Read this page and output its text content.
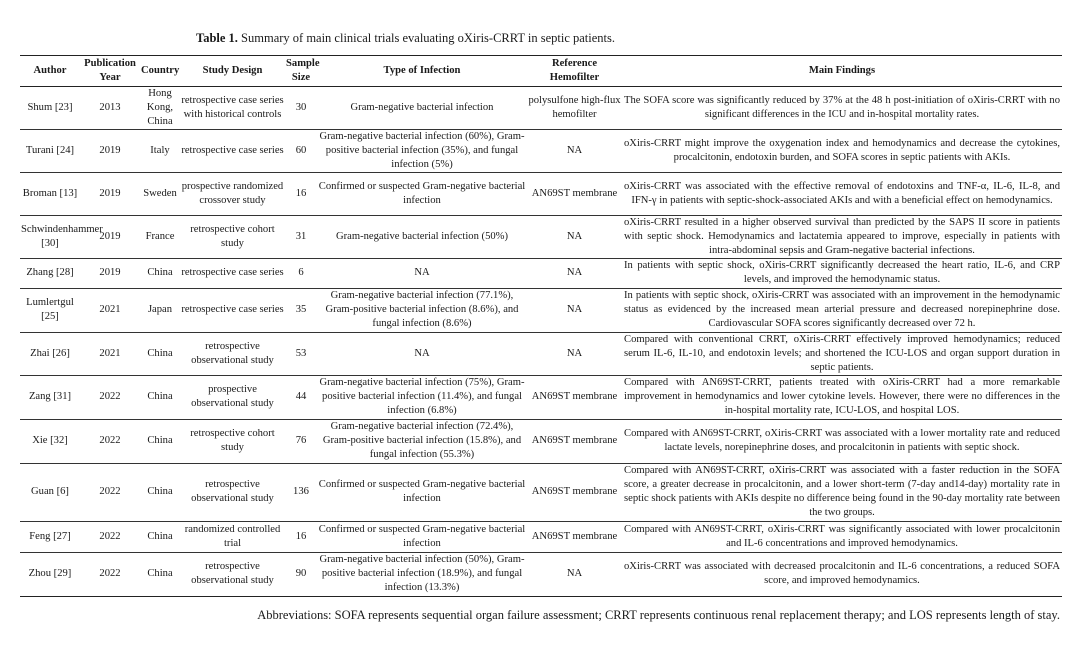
Table 1. Summary of main clinical trials evaluating oXiris-CRRT in septic patients.
Author	Publication Year	Country	Study Design	Sample Size	Type of Infection	Reference Hemofilter	Main Findings
Shum [23]	2013	Hong Kong, China	retrospective case series with historical controls	30	Gram-negative bacterial infection	polysulfone high-flux hemofilter	The SOFA score was significantly reduced by 37% at the 48 h post-initiation of oXiris-CRRT with no significant differences in the ICU and in-hospital mortality rates.
Turani [24]	2019	Italy	retrospective case series	60	Gram-negative bacterial infection (60%), Gram-positive bacterial infection (35%), and fungal infection (5%)	NA	oXiris-CRRT might improve the oxygenation index and hemodynamics and decrease the cytokines, procalcitonin, endotoxin burden, and SOFA scores in septic patients with AKIs.
Broman [13]	2019	Sweden	prospective randomized crossover study	16	Confirmed or suspected Gram-negative bacterial infection	AN69ST membrane	oXiris-CRRT was associated with the effective removal of endotoxins and TNF-α, IL-6, IL-8, and IFN-γ in patients with septic-shock-associated AKIs and with a beneficial effect on hemodynamics.
Schwindenhammer [30]	2019	France	retrospective cohort study	31	Gram-negative bacterial infection (50%)	NA	oXiris-CRRT resulted in a higher observed survival than predicted by the SAPS II score in patients with septic shock. Hemodynamics and lactatemia appeared to improve, especially in patients with intra-abdominal sepsis and Gram-negative bacterial infections.
Zhang [28]	2019	China	retrospective case series	6	NA	NA	In patients with septic shock, oXiris-CRRT significantly decreased the heart ratio, IL-6, and CRP levels, and improved the hemodynamic status.
Lumlertgul [25]	2021	Japan	retrospective case series	35	Gram-negative bacterial infection (77.1%), Gram-positive bacterial infection (8.6%), and fungal infection (8.6%)	NA	In patients with septic shock, oXiris-CRRT was associated with an improvement in the hemodynamic status as evidenced by the increased mean arterial pressure and decreased norepinephrine dose. Cardiovascular SOFA scores significantly decreased over 72 h.
Zhai [26]	2021	China	retrospective observational study	53	NA	NA	Compared with conventional CRRT, oXiris-CRRT effectively improved hemodynamics; reduced serum IL-6, IL-10, and endotoxin levels; and shortened the ICU-LOS and organ support duration in septic patients.
Zang [31]	2022	China	prospective observational study	44	Gram-negative bacterial infection (75%), Gram-positive bacterial infection (11.4%), and fungal infection (6.8%)	AN69ST membrane	Compared with AN69ST-CRRT, patients treated with oXiris-CRRT had a more remarkable improvement in hemodynamics and lower cytokine levels. However, there were no differences in the in-hospital mortality rate, ICU-LOS, and hospital LOS.
Xie [32]	2022	China	retrospective cohort study	76	Gram-negative bacterial infection (72.4%), Gram-positive bacterial infection (15.8%), and fungal infection (55.3%)	AN69ST membrane	Compared with AN69ST-CRRT, oXiris-CRRT was associated with a lower mortality rate and reduced lactate levels, norepinephrine doses, and procalcitonin in patients with septic shock.
Guan [6]	2022	China	retrospective observational study	136	Confirmed or suspected Gram-negative bacterial infection	AN69ST membrane	Compared with AN69ST-CRRT, oXiris-CRRT was associated with a faster reduction in the SOFA score, a greater decrease in procalcitonin, and a lower short-term (7-day and14-day) mortality rate in septic shock patients with AKIs despite no difference being found in the 90-day mortality rate between the two groups.
Feng [27]	2022	China	randomized controlled trial	16	Confirmed or suspected Gram-negative bacterial infection	AN69ST membrane	Compared with AN69ST-CRRT, oXiris-CRRT was significantly associated with lower procalcitonin and IL-6 concentrations and improved hemodynamics.
Zhou [29]	2022	China	retrospective observational study	90	Gram-negative bacterial infection (50%), Gram-positive bacterial infection (18.9%), and fungal infection (13.3%)	NA	oXiris-CRRT was associated with decreased procalcitonin and IL-6 concentrations, a reduced SOFA score, and improved hemodynamics.
Abbreviations: SOFA represents sequential organ failure assessment; CRRT represents continuous renal replacement therapy; and LOS represents length of stay.
